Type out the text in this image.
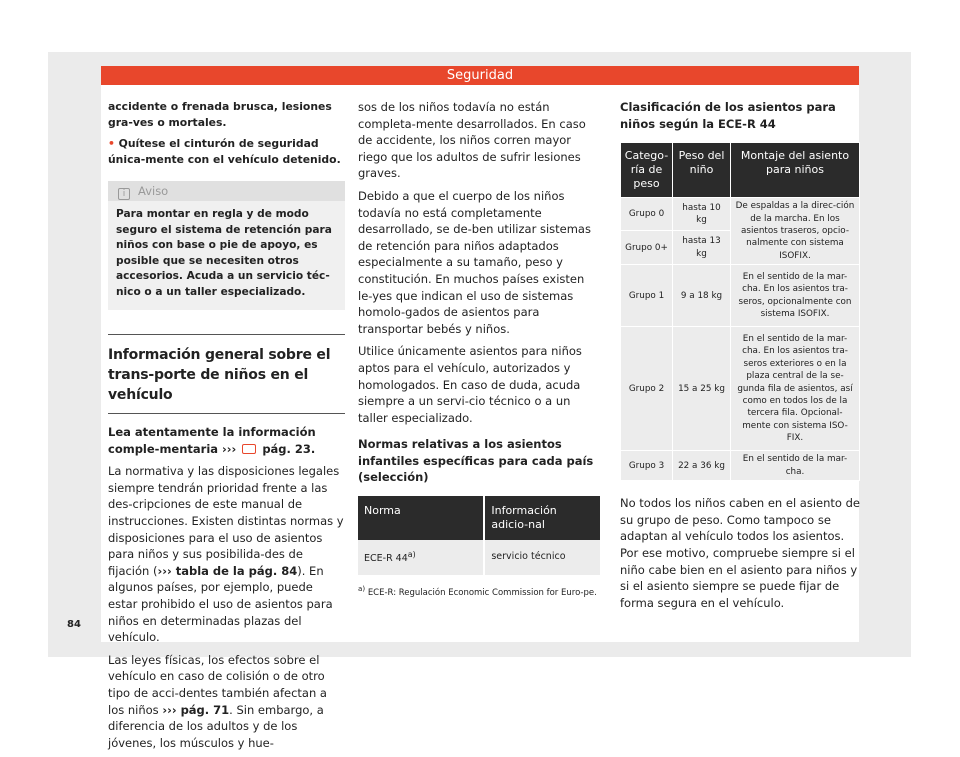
Seguridad
84

accidente o frenada brusca, lesiones gra-ves o mortales.

• Quítese el cinturón de seguridad única-mente con el vehículo detenido.

i Aviso
Para montar en regla y de modo seguro el sistema de retención para niños con base o pie de apoyo, es posible que se necesiten otros accesorios. Acuda a un servicio téc-nico o a un taller especializado.
Información general sobre el trans-porte de niños en el vehículo

Lea atentamente la información comple-mentaria ››› pág. 23.

La normativa y las disposiciones legales siempre tendrán prioridad frente a las des-cripciones de este manual de instrucciones. Existen distintas normas y disposiciones para el uso de asientos para niños y sus posibilida-des de fijación (››› tabla de la pág. 84). En algunos países, por ejemplo, puede estar prohibido el uso de asientos para niños en determinadas plazas del vehículo.

Las leyes físicas, los efectos sobre el vehículo en caso de colisión o de otro tipo de acci-dentes también afectan a los niños ››› pág. 71. Sin embargo, a diferencia de los adultos y de los jóvenes, los músculos y hue-

sos de los niños todavía no están completa-mente desarrollados. En caso de accidente, los niños corren mayor riego que los adultos de sufrir lesiones graves.

Debido a que el cuerpo de los niños todavía no está completamente desarrollado, se de-ben utilizar sistemas de retención para niños adaptados especialmente a su tamaño, peso y constitución. En muchos países existen le-yes que indican el uso de sistemas homolo-gados de asientos para transportar bebés y niños.

Utilice únicamente asientos para niños aptos para el vehículo, autorizados y homologados. En caso de duda, acuda siempre a un servi-cio técnico o a un taller especializado.

Normas relativas a los asientos infantiles específicas para cada país (selección)

Norma	Información adicio-nal
ECE-R 44$^{a)}$	servicio técnico
$^{a)}$ ECE-R: Regulación Economic Commission for Euro-pe.

Clasificación de los asientos para niños según la ECE-R 44

Catego-ría de peso	Peso del niño	Montaje del asiento para niños
Grupo 0	hasta 10 kg	De espaldas a la direc-ción de la marcha. En los asientos traseros, opcio-nalmente con sistema ISOFIX.
Grupo 0+	hasta 13 kg	
Grupo 1	9 a 18 kg	En el sentido de la mar-cha. En los asientos tra-seros, opcionalmente con sistema ISOFIX.
Grupo 2	15 a 25 kg	En el sentido de la mar-cha. En los asientos tra-seros exteriores o en la plaza central de la se-gunda fila de asientos, así como en todos los de la tercera fila. Opcional-mente con sistema ISO-FIX.
Grupo 3	22 a 36 kg	En el sentido de la mar-cha.

No todos los niños caben en el asiento de su grupo de peso. Como tampoco se adaptan al vehículo todos los asientos. Por ese motivo, compruebe siempre si el niño cabe bien en el asiento para niños y si el asiento siempre se puede fijar de forma segura en el vehículo.
